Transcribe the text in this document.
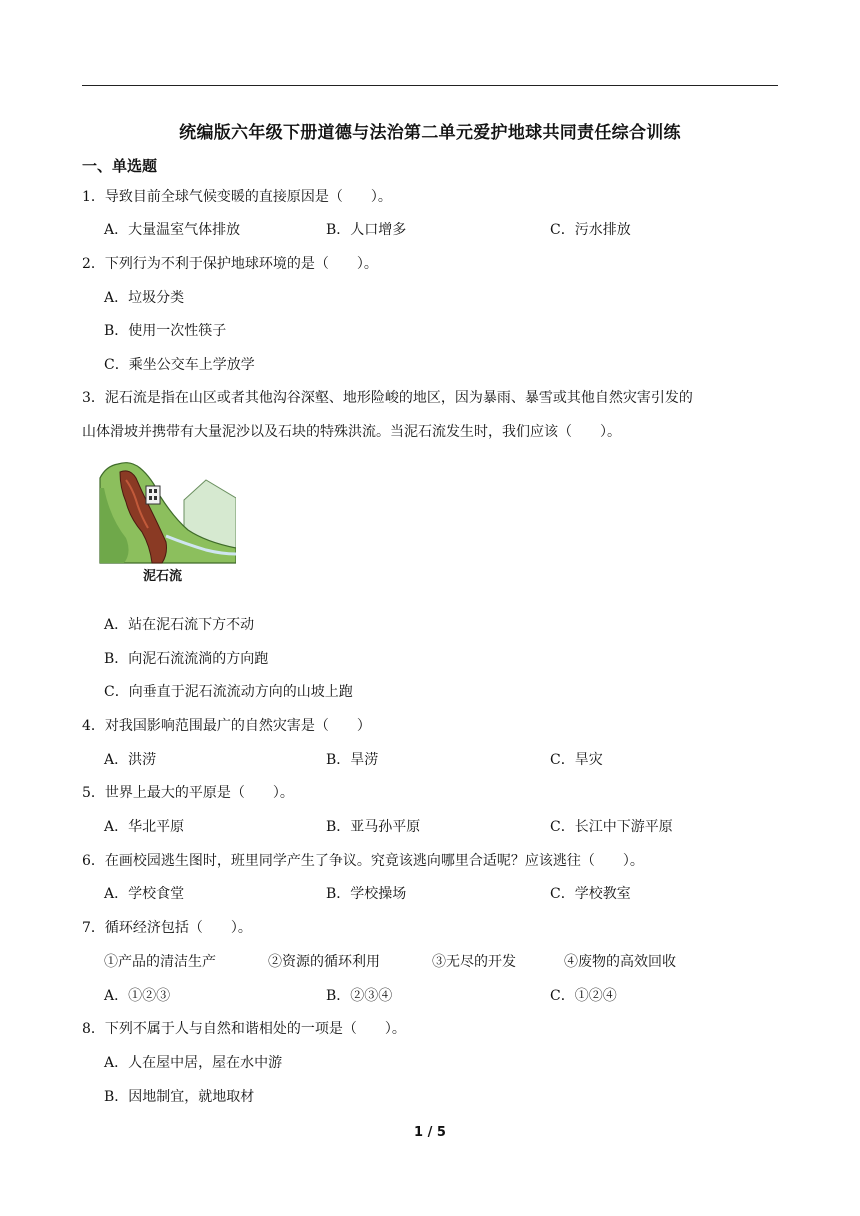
统编版六年级下册道德与法治第二单元爱护地球共同责任综合训练
一、单选题
1．导致目前全球气候变暖的直接原因是（　　）。
A．大量温室气体排放	B．人口增多	C．污水排放
2．下列行为不利于保护地球环境的是（　　）。
A．垃圾分类
B．使用一次性筷子
C．乘坐公交车上学放学
3．泥石流是指在山区或者其他沟谷深壑、地形险峻的地区，因为暴雨、暴雪或其他自然灾害引发的
山体滑坡并携带有大量泥沙以及石块的特殊洪流。当泥石流发生时，我们应该（　　）。
泥石流
A．站在泥石流下方不动
B．向泥石流流淌的方向跑
C．向垂直于泥石流流动方向的山坡上跑
4．对我国影响范围最广的自然灾害是（　　）
A．洪涝	B．旱涝	C．旱灾
5．世界上最大的平原是（　　）。
A．华北平原	B．亚马孙平原	C．长江中下游平原
6．在画校园逃生图时，班里同学产生了争议。究竟该逃向哪里合适呢？应该逃往（　　）。
A．学校食堂	B．学校操场	C．学校教室
7．循环经济包括（　　）。
①产品的清洁生产	②资源的循环利用	③无尽的开发	④废物的高效回收
A．①②③	B．②③④	C．①②④
8．下列不属于人与自然和谐相处的一项是（　　）。
A．人在屋中居，屋在水中游
B．因地制宜，就地取材
1 / 5
